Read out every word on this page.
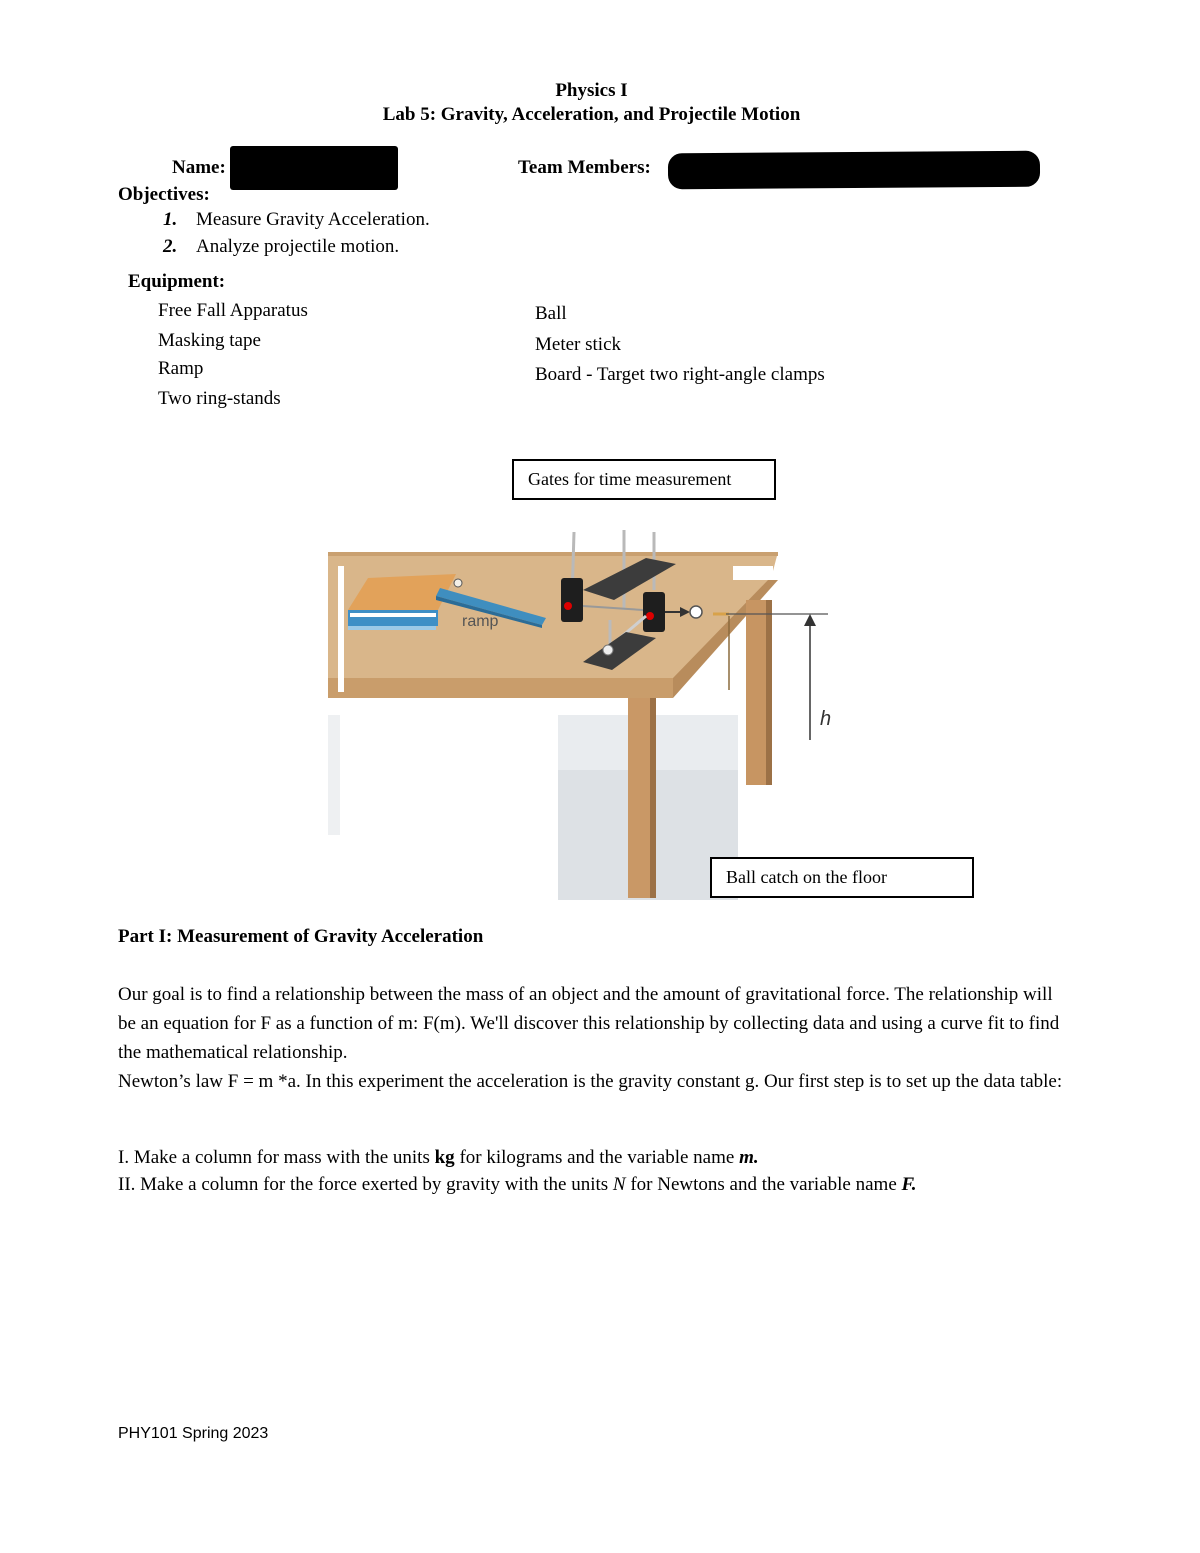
Physics I
Lab 5: Gravity, Acceleration, and Projectile Motion
Name:	Team Members:
Objectives:
1. Measure Gravity Acceleration.
2. Analyze projectile motion.
Equipment:
Free Fall Apparatus
Masking tape
Ramp
Two ring-stands
Ball
Meter stick
Board - Target two right-angle clamps
ramp
h
Gates for time measurement
Ball catch on the floor
Part I: Measurement of Gravity Acceleration
Our goal is to find a relationship between the mass of an object and the amount of gravitational force. The relationship will be an equation for F as a function of m: F(m). We'll discover this relationship by collecting data and using a curve fit to find the mathematical relationship.
Newton’s law F = m *a. In this experiment the acceleration is the gravity constant g. Our first step is to set up the data table:
I. Make a column for mass with the units kg for kilograms and the variable name m.
II. Make a column for the force exerted by gravity with the units N for Newtons and the variable name F.
PHY101 Spring 2023
